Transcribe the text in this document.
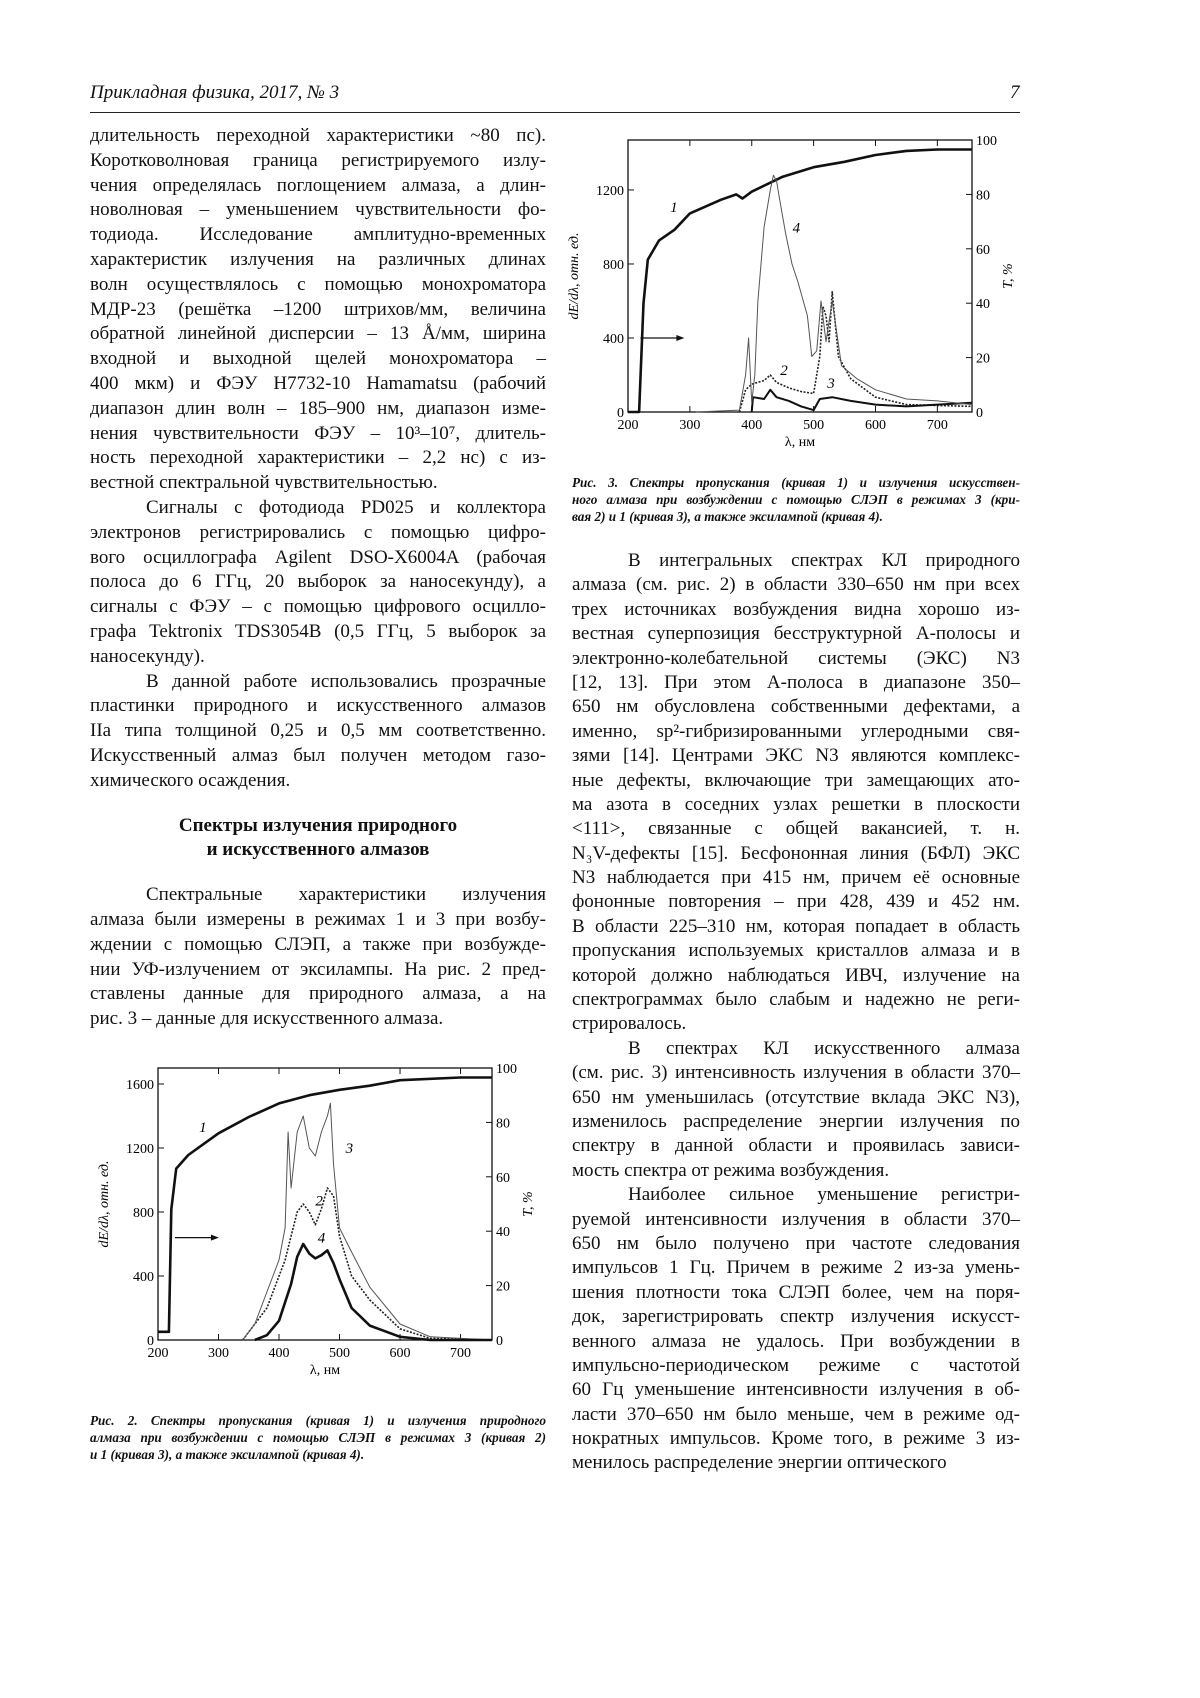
Прикладная физика, 2017, № 3	7
длительность переходной характеристики ~80 пс).
Коротковолновая граница регистрируемого излу-
чения определялась поглощением алмаза, а длин-
новолновая – уменьшением чувствительности фо-
тодиода. Исследование амплитудно-временных
характеристик излучения на различных длинах
волн осуществлялось с помощью монохроматора
МДР-23 (решётка –1200 штрихов/мм, величина
обратной линейной дисперсии – 13 Å/мм, ширина
входной и выходной щелей монохроматора –
400 мкм) и ФЭУ H7732-10 Hamamatsu (рабочий
диапазон длин волн – 185–900 нм, диапазон изме-
нения чувствительности ФЭУ – 10³–10⁷, длитель-
ность переходной характеристики – 2,2 нс) с из-
вестной спектральной чувствительностью.
Сигналы с фотодиода PD025 и коллектора
электронов регистрировались с помощью цифро-
вого осциллографа Agilent DSO-X6004A (рабочая
полоса до 6 ГГц, 20 выборок за наносекунду), а
сигналы с ФЭУ – с помощью цифрового осцилло-
графа Tektronix TDS3054B (0,5 ГГц, 5 выборок за
наносекунду).
В данной работе использовались прозрачные
пластинки природного и искусственного алмазов
IIa типа толщиной 0,25 и 0,5 мм соответственно.
Искусственный алмаз был получен методом газо-
химического осаждения.
Спектры излучения природного
и искусственного алмазов
Спектральные характеристики излучения
алмаза были измерены в режимах 1 и 3 при возбу-
ждении с помощью СЛЭП, а также при возбужде-
нии УФ-излучением от эксилампы. На рис. 2 пред-
ставлены данные для природного алмаза, а на
рис. 3 – данные для искусственного алмаза.
В интегральных спектрах КЛ природного
алмаза (см. рис. 2) в области 330–650 нм при всех
трех источниках возбуждения видна хорошо из-
вестная суперпозиция бесструктурной А-полосы и
электронно-колебательной системы (ЭКС) N3
[12, 13]. При этом А-полоса в диапазоне 350–
650 нм обусловлена собственными дефектами, а
именно, sp²-гибризированными углеродными свя-
зями [14]. Центрами ЭКС N3 являются комплекс-
ные дефекты, включающие три замещающих ато-
ма азота в соседних узлах решетки в плоскости
<111>, связанные с общей вакансией, т. н.
N₃V-дефекты [15]. Бесфононная линия (БФЛ) ЭКС
N3 наблюдается при 415 нм, причем её основные
фононные повторения – при 428, 439 и 452 нм.
В области 225–310 нм, которая попадает в область
пропускания используемых кристаллов алмаза и в
которой должно наблюдаться ИВЧ, излучение на
спектрограммах было слабым и надежно не реги-
стрировалось.
В спектрах КЛ искусственного алмаза
(см. рис. 3) интенсивность излучения в области 370–
650 нм уменьшилась (отсутствие вклада ЭКС N3),
изменилось распределение энергии излучения по
спектру в данной области и проявилась зависи-
мость спектра от режима возбуждения.
Наиболее сильное уменьшение регистри-
руемой интенсивности излучения в области 370–
650 нм было получено при частоте следования
импульсов 1 Гц. Причем в режиме 2 из-за умень-
шения плотности тока СЛЭП более, чем на поря-
док, зарегистрировать спектр излучения искусст-
венного алмаза не удалось. При возбуждении в
импульсно-периодическом режиме с частотой
60 Гц уменьшение интенсивности излучения в об-
ласти 370–650 нм было меньше, чем в режиме од-
нократных импульсов. Кроме того, в режиме 3 из-
менилось распределение энергии оптического
200	300	400	500	600	700
0
400
800
1200
0
20
40
60
80
100
λ, нм
dE/dλ, отн. ед.	T, %
1
2
3
4
Рис. 3. Спектры пропускания (кривая 1) и излучения искусствен-
ного алмаза при возбуждении с помощью СЛЭП в режимах 3 (кри-
вая 2) и 1 (кривая 3), а также эксилампой (кривая 4).
200	300	400	500	600	700
0
400
800
1200
1600
0
20
40
60
80
100
λ, нм
dE/dλ, отн. ед.	T, %
1
2
3
4
Рис. 2. Спектры пропускания (кривая 1) и излучения природного
алмаза при возбуждении с помощью СЛЭП в режимах 3 (кривая 2)
и 1 (кривая 3), а также эксилампой (кривая 4).
